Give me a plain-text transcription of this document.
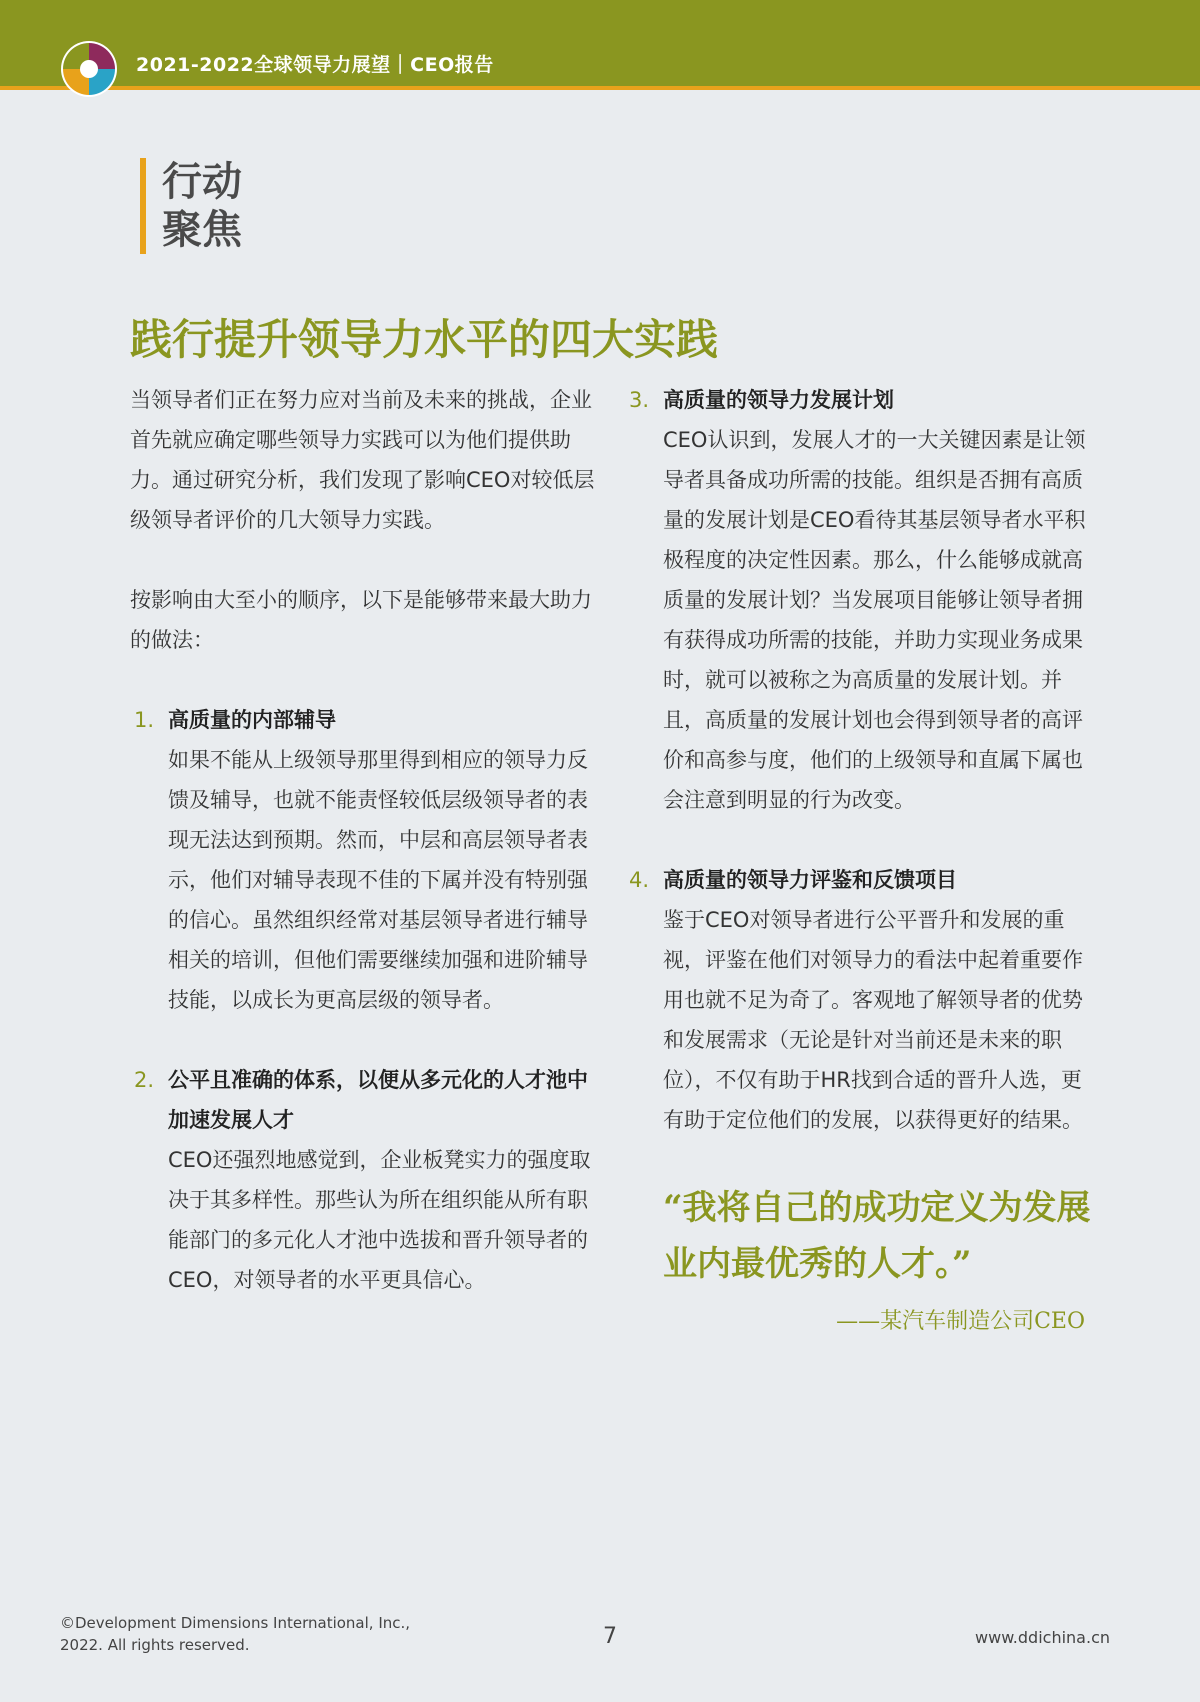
2021-2022全球领导力展望｜CEO报告
行动
聚焦
践行提升领导力水平的四大实践

当领导者们正在努力应对当前及未来的挑战，企业首先就应确定哪些领导力实践可以为他们提供助力。通过研究分析，我们发现了影响CEO对较低层级领导者评价的几大领导力实践。

按影响由大至小的顺序，以下是能够带来最大助力的做法：

1. 高质量的内部辅导

如果不能从上级领导那里得到相应的领导力反馈及辅导，也就不能责怪较低层级领导者的表现无法达到预期。然而，中层和高层领导者表示，他们对辅导表现不佳的下属并没有特别强的信心。虽然组织经常对基层领导者进行辅导相关的培训，但他们需要继续加强和进阶辅导技能，以成长为更高层级的领导者。

2. 公平且准确的体系，以便从多元化的人才池中加速发展人才

CEO还强烈地感觉到，企业板凳实力的强度取决于其多样性。那些认为所在组织能从所有职能部门的多元化人才池中选拔和晋升领导者的CEO，对领导者的水平更具信心。

3. 高质量的领导力发展计划

CEO认识到，发展人才的一大关键因素是让领导者具备成功所需的技能。组织是否拥有高质量的发展计划是CEO看待其基层领导者水平积极程度的决定性因素。那么，什么能够成就高质量的发展计划？当发展项目能够让领导者拥有获得成功所需的技能，并助力实现业务成果时，就可以被称之为高质量的发展计划。并且，高质量的发展计划也会得到领导者的高评价和高参与度，他们的上级领导和直属下属也会注意到明显的行为改变。

4. 高质量的领导力评鉴和反馈项目

鉴于CEO对领导者进行公平晋升和发展的重视，评鉴在他们对领导力的看法中起着重要作用也就不足为奇了。客观地了解领导者的优势和发展需求（无论是针对当前还是未来的职位），不仅有助于HR找到合适的晋升人选，更有助于定位他们的发展，以获得更好的结果。

“我将自己的成功定义为发展业内最优秀的人才。”
——某汽车制造公司CEO
©Development Dimensions International, Inc., 2022. All rights reserved.	7	www.ddichina.cn
